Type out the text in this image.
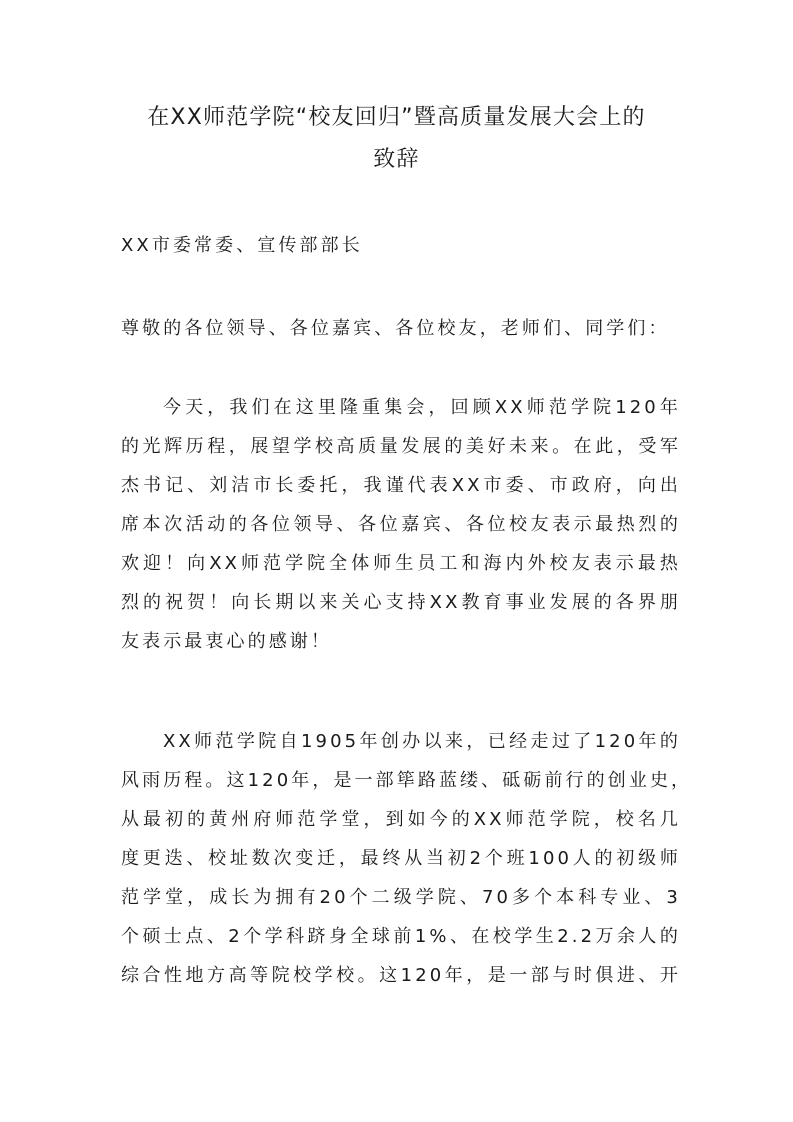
在XX师范学院“校友回归”暨高质量发展大会上的
致辞
XX市委常委、宣传部部长
尊敬的各位领导、各位嘉宾、各位校友，老师们、同学们：
今天，我们在这里隆重集会，回顾XX师范学院120年
的光辉历程，展望学校高质量发展的美好未来。在此，受军
杰书记、刘洁市长委托，我谨代表XX市委、市政府，向出
席本次活动的各位领导、各位嘉宾、各位校友表示最热烈的
欢迎！向XX师范学院全体师生员工和海内外校友表示最热
烈的祝贺！向长期以来关心支持XX教育事业发展的各界朋
友表示最衷心的感谢！
XX师范学院自1905年创办以来，已经走过了120年的
风雨历程。这120年，是一部筚路蓝缕、砥砺前行的创业史，
从最初的黄州府师范学堂，到如今的XX师范学院，校名几
度更迭、校址数次变迁，最终从当初2个班100人的初级师
范学堂，成长为拥有20个二级学院、70多个本科专业、3
个硕士点、2个学科跻身全球前1%、在校学生2.2万余人的
综合性地方高等院校学校。这120年，是一部与时俱进、开
